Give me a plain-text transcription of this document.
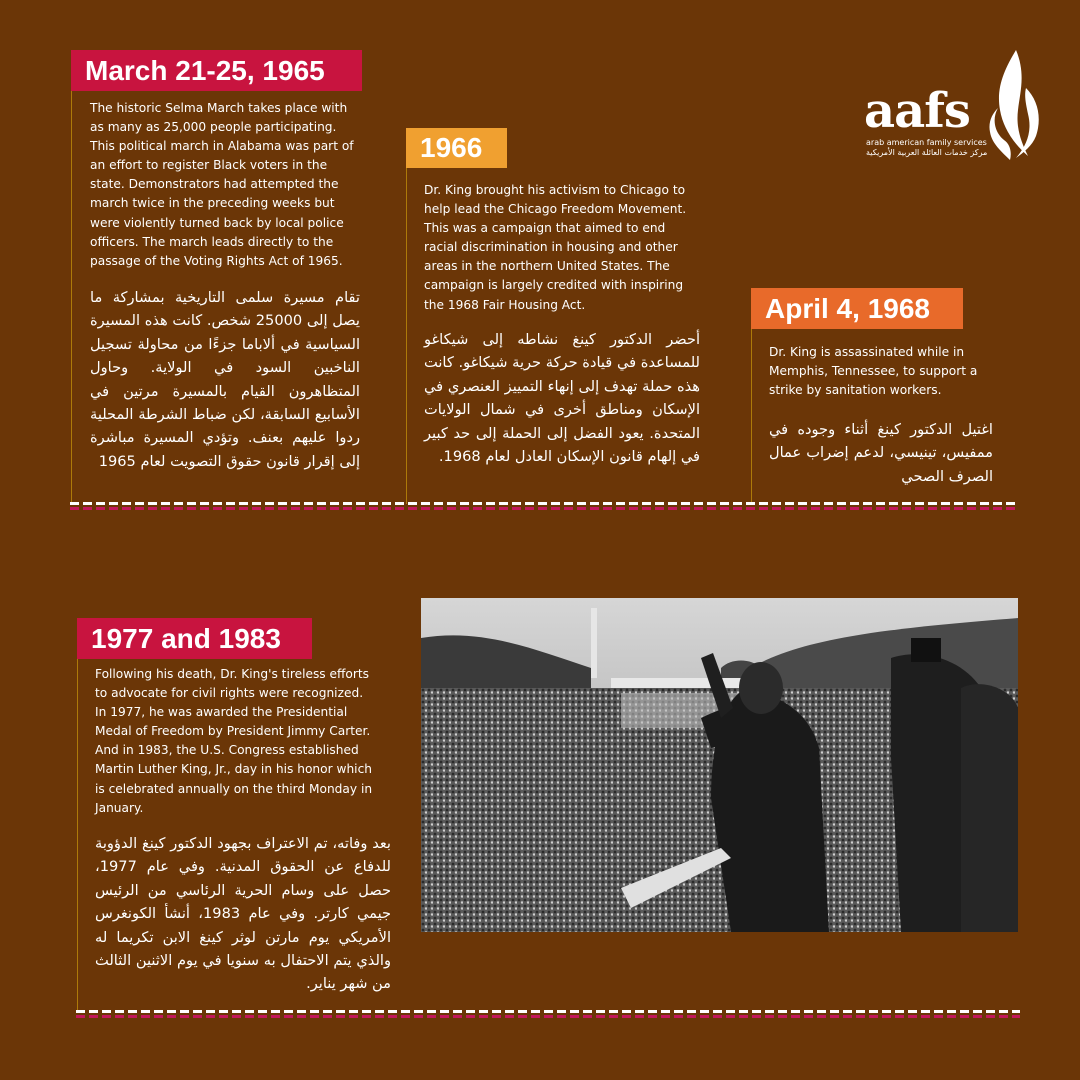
aafs
arab american family services
مركز خدمات العائلة العربية الأمريكية
March 21-25, 1965
The historic Selma March takes place with as many as 25,000 people participating. This political march in Alabama was part of an effort to register Black voters in the state. Demonstrators had attempted the march twice in the preceding weeks but were violently turned back by local police officers. The march leads directly to the passage of the Voting Rights Act of 1965.
تقام مسيرة سلمى التاريخية بمشاركة ما يصل إلى 25000 شخص. كانت هذه المسيرة السياسية في ألاباما جزءًا من محاولة تسجيل الناخبين السود في الولاية. وحاول المتظاهرون القيام بالمسيرة مرتين في الأسابيع السابقة، لكن ضباط الشرطة المحلية ردوا عليهم بعنف. وتؤدي المسيرة مباشرة إلى إقرار قانون حقوق التصويت لعام 1965
1966
Dr. King brought his activism to Chicago to help lead the Chicago Freedom Movement. This was a campaign that aimed to end racial discrimination in housing and other areas in the northern United States. The campaign is largely credited with inspiring the 1968 Fair Housing Act.
أحضر الدكتور كينغ نشاطه إلى شيكاغو للمساعدة في قيادة حركة حرية شيكاغو. كانت هذه حملة تهدف إلى إنهاء التمييز العنصري في الإسكان ومناطق أخرى في شمال الولايات المتحدة. يعود الفضل إلى الحملة إلى حد كبير في إلهام قانون الإسكان العادل لعام 1968.
April 4, 1968
Dr. King is assassinated while in Memphis, Tennessee, to support a strike by sanitation workers.
اغتيل الدكتور كينغ أثناء وجوده في ممفيس، تينيسي، لدعم إضراب عمال الصرف الصحي
1977 and 1983
Following his death, Dr. King's tireless efforts to advocate for civil rights were recognized. In 1977, he was awarded the Presidential Medal of Freedom by President Jimmy Carter. And in 1983, the U.S. Congress established Martin Luther King, Jr., day in his honor which is celebrated annually on the third Monday in January.
بعد وفاته، تم الاعتراف بجهود الدكتور كينغ الدؤوبة للدفاع عن الحقوق المدنية. وفي عام 1977، حصل على وسام الحرية الرئاسي من الرئيس جيمي كارتر. وفي عام 1983، أنشأ الكونغرس الأمريكي يوم مارتن لوثر كينغ الابن تكريما له والذي يتم الاحتفال به سنويا في يوم الاثنين الثالث من شهر يناير.
